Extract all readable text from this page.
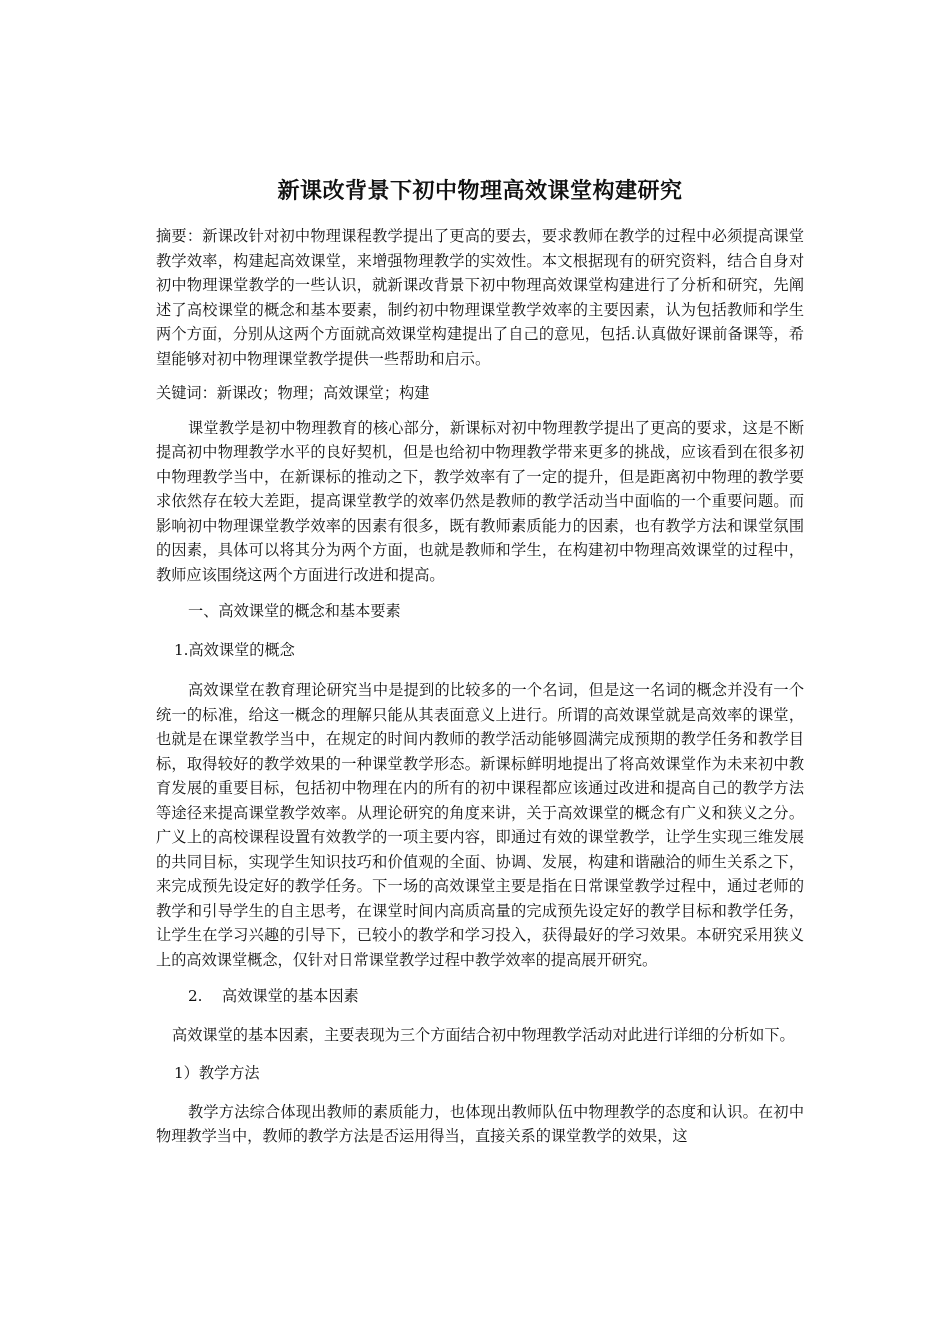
新课改背景下初中物理高效课堂构建研究

摘要：新课改针对初中物理课程教学提出了更高的要去，要求教师在教学的过程中必须提高课堂教学效率，构建起高效课堂，来增强物理教学的实效性。本文根据现有的研究资料，结合自身对初中物理课堂教学的一些认识，就新课改背景下初中物理高效课堂构建进行了分析和研究，先阐述了高校课堂的概念和基本要素，制约初中物理课堂教学效率的主要因素，认为包括教师和学生两个方面，分别从这两个方面就高效课堂构建提出了自己的意见，包括.认真做好课前备课等，希望能够对初中物理课堂教学提供一些帮助和启示。

关键词：新课改；物理；高效课堂；构建

课堂教学是初中物理教育的核心部分，新课标对初中物理教学提出了更高的要求，这是不断提高初中物理教学水平的良好契机，但是也给初中物理教学带来更多的挑战，应该看到在很多初中物理教学当中，在新课标的推动之下，教学效率有了一定的提升，但是距离初中物理的教学要求依然存在较大差距，提高课堂教学的效率仍然是教师的教学活动当中面临的一个重要问题。而影响初中物理课堂教学效率的因素有很多，既有教师素质能力的因素，也有教学方法和课堂氛围的因素，具体可以将其分为两个方面，也就是教师和学生，在构建初中物理高效课堂的过程中，教师应该围绕这两个方面进行改进和提高。

一、高效课堂的概念和基本要素

1.高效课堂的概念

高效课堂在教育理论研究当中是提到的比较多的一个名词，但是这一名词的概念并没有一个统一的标准，给这一概念的理解只能从其表面意义上进行。所谓的高效课堂就是高效率的课堂，也就是在课堂教学当中，在规定的时间内教师的教学活动能够圆满完成预期的教学任务和教学目标，取得较好的教学效果的一种课堂教学形态。新课标鲜明地提出了将高效课堂作为未来初中教育发展的重要目标，包括初中物理在内的所有的初中课程都应该通过改进和提高自己的教学方法等途径来提高课堂教学效率。从理论研究的角度来讲，关于高效课堂的概念有广义和狭义之分。广义上的高校课程设置有效教学的一项主要内容，即通过有效的课堂教学，让学生实现三维发展的共同目标，实现学生知识技巧和价值观的全面、协调、发展，构建和谐融洽的师生关系之下，来完成预先设定好的教学任务。下一场的高效课堂主要是指在日常课堂教学过程中，通过老师的教学和引导学生的自主思考，在课堂时间内高质高量的完成预先设定好的教学目标和教学任务，让学生在学习兴趣的引导下，已较小的教学和学习投入，获得最好的学习效果。本研究采用狭义上的高效课堂概念，仅针对日常课堂教学过程中教学效率的提高展开研究。

2. 高效课堂的基本因素

高效课堂的基本因素，主要表现为三个方面结合初中物理教学活动对此进行详细的分析如下。

1）教学方法

教学方法综合体现出教师的素质能力，也体现出教师队伍中物理教学的态度和认识。在初中物理教学当中，教师的教学方法是否运用得当，直接关系的课堂教学的效果，这
